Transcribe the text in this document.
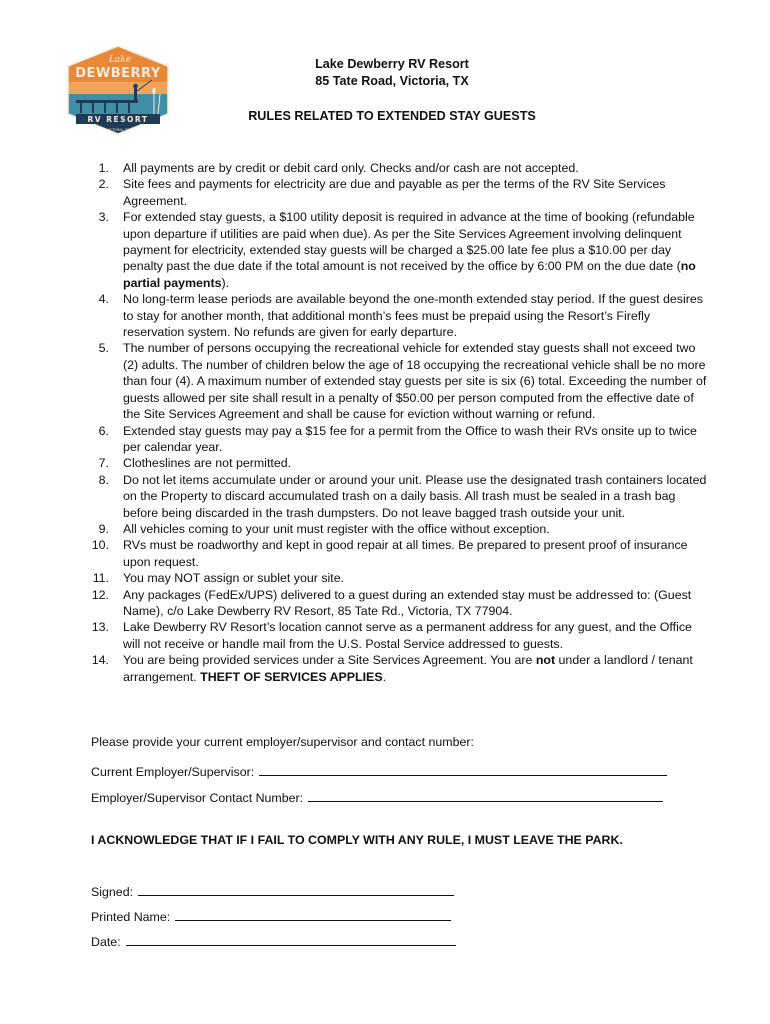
Lake
DEWBERRY
RV RESORT
VICTORIA, TX
Lake Dewberry RV Resort
85 Tate Road, Victoria, TX
RULES RELATED TO EXTENDED STAY GUESTS
1. All payments are by credit or debit card only. Checks and/or cash are not accepted.
2. Site fees and payments for electricity are due and payable as per the terms of the RV Site Services Agreement.
3. For extended stay guests, a $100 utility deposit is required in advance at the time of booking (refundable upon departure if utilities are paid when due). As per the Site Services Agreement involving delinquent payment for electricity, extended stay guests will be charged a $25.00 late fee plus a $10.00 per day penalty past the due date if the total amount is not received by the office by 6:00 PM on the due date (no partial payments).
4. No long-term lease periods are available beyond the one-month extended stay period. If the guest desires to stay for another month, that additional month’s fees must be prepaid using the Resort’s Firefly reservation system. No refunds are given for early departure.
5. The number of persons occupying the recreational vehicle for extended stay guests shall not exceed two (2) adults. The number of children below the age of 18 occupying the recreational vehicle shall be no more than four (4). A maximum number of extended stay guests per site is six (6) total. Exceeding the number of guests allowed per site shall result in a penalty of $50.00 per person computed from the effective date of the Site Services Agreement and shall be cause for eviction without warning or refund.
6. Extended stay guests may pay a $15 fee for a permit from the Office to wash their RVs onsite up to twice per calendar year.
7. Clotheslines are not permitted.
8. Do not let items accumulate under or around your unit. Please use the designated trash containers located on the Property to discard accumulated trash on a daily basis. All trash must be sealed in a trash bag before being discarded in the trash dumpsters. Do not leave bagged trash outside your unit.
9. All vehicles coming to your unit must register with the office without exception.
10. RVs must be roadworthy and kept in good repair at all times. Be prepared to present proof of insurance upon request.
11. You may NOT assign or sublet your site.
12. Any packages (FedEx/UPS) delivered to a guest during an extended stay must be addressed to: (Guest Name), c/o Lake Dewberry RV Resort, 85 Tate Rd., Victoria, TX 77904.
13. Lake Dewberry RV Resort’s location cannot serve as a permanent address for any guest, and the Office will not receive or handle mail from the U.S. Postal Service addressed to guests.
14. You are being provided services under a Site Services Agreement. You are not under a landlord / tenant arrangement. THEFT OF SERVICES APPLIES.
Please provide your current employer/supervisor and contact number:
Current Employer/Supervisor:
Employer/Supervisor Contact Number:
I ACKNOWLEDGE THAT IF I FAIL TO COMPLY WITH ANY RULE, I MUST LEAVE THE PARK.
Signed:
Printed Name:
Date:
